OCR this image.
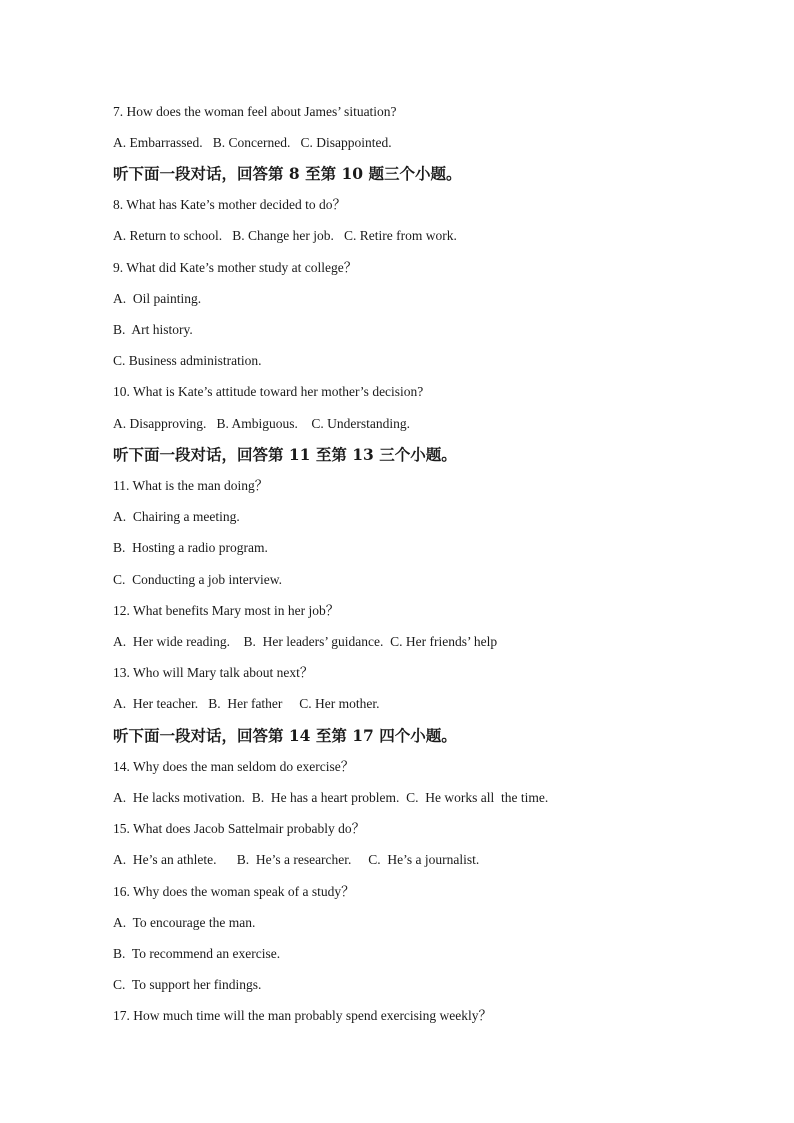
7. How does the woman feel about James’ situation?
A. Embarrassed.   B. Concerned.   C. Disappointed.
听下面一段对话，回答第 8 至第 10 题三个小题。
8. What has Kate’s mother decided to do？
A. Return to school.   B. Change her job.   C. Retire from work.
9. What did Kate’s mother study at college？
A.  Oil painting.
B.  Art history.
C. Business administration.
10. What is Kate’s attitude toward her mother’s decision?
A. Disapproving.   B. Ambiguous.    C. Understanding.
听下面一段对话，回答第 11 至第 13 三个小题。
11. What is the man doing？
A.  Chairing a meeting.
B.  Hosting a radio program.
C.  Conducting a job interview.
12. What benefits Mary most in her job？
A.  Her wide reading.    B.  Her leaders’ guidance.  C. Her friends’ help
13. Who will Mary talk about next？
A.  Her teacher.   B.  Her father     C. Her mother.
听下面一段对话，回答第 14 至第 17 四个小题。
14. Why does the man seldom do exercise？
A.  He lacks motivation.  B.  He has a heart problem.  C.  He works all  the time.
15. What does Jacob Sattelmair probably do？
A.  He’s an athlete.      B.  He’s a researcher.     C.  He’s a journalist.
16. Why does the woman speak of a study？
A.  To encourage the man.
B.  To recommend an exercise.
C.  To support her findings.
17. How much time will the man probably spend exercising weekly？
